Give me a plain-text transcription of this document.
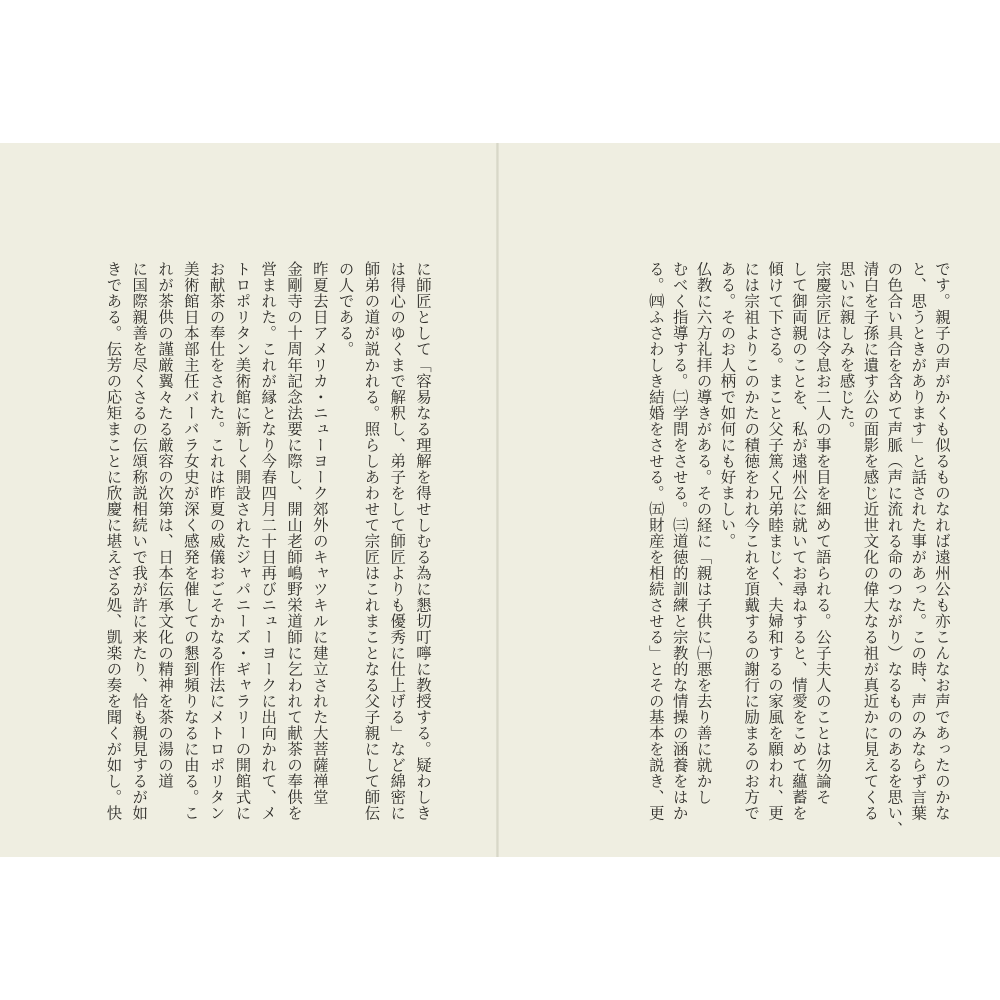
に師匠として「容易なる理解を得せしむる為に懇切叮嚀に教授する。疑わしき
は得心のゆくまで解釈し、弟子をして師匠よりも優秀に仕上げる」など綿密に
師弟の道が説かれる。照らしあわせて宗匠はこれまことなる父子親にして師伝
の人である。
昨夏去日アメリカ・ニューヨーク郊外のキャツキルに建立された大菩薩禅堂
金剛寺の十周年記念法要に際し、開山老師嶋野栄道師に乞われて献茶の奉供を
営まれた。これが縁となり今春四月二十日再びニューヨークに出向かれて、メ
トロポリタン美術館に新しく開設されたジャパニーズ・ギャラリーの開館式に
お献茶の奉仕をされた。これは昨夏の威儀おごそかなる作法にメトロポリタン
美術館日本部主任バーバラ女史が深く感発を催しての懇到頻りなるに由る。こ
れが茶供の謹厳翼々たる厳容の次第は、日本伝承文化の精神を茶の湯の道
に国際親善を尽くさるの伝頌称説相続いで我が許に来たり、恰も親見するが如
きである。伝芳の応矩まことに欣慶に堪えざる処、凱楽の奏を聞くが如し。快	です。親子の声がかくも似るものなれば遠州公も亦こんなお声であったのかな
と、思うときがあります」と話された事があった。この時、声のみならず言葉
の色合い具合を含めて声脈（声に流れる命のつながり）なるもののあるを思い、
清白を子孫に遺す公の面影を感じ近世文化の偉大なる祖が真近かに見えてくる
思いに親しみを感じた。
宗慶宗匠は令息お二人の事を目を細めて語られる。公子夫人のことは勿論そ
して御両親のことを、私が遠州公に就いてお尋ねすると、情愛をこめて蘊蓄を
傾けて下さる。まこと父子篤く兄弟睦まじく、夫婦和するの家風を願われ、更
には宗祖よりこのかたの積徳をわれ今これを頂戴するの謝行に励まるのお方で
ある。そのお人柄で如何にも好ましい。
仏教に六方礼拝の導きがある。その経に「親は子供に㈠悪を去り善に就かし
むべく指導する。㈡学問をさせる。㈢道徳的訓練と宗教的な情操の涵養をはか
る。㈣ふさわしき結婚をさせる。㈤財産を相続させる」とその基本を説き、更
